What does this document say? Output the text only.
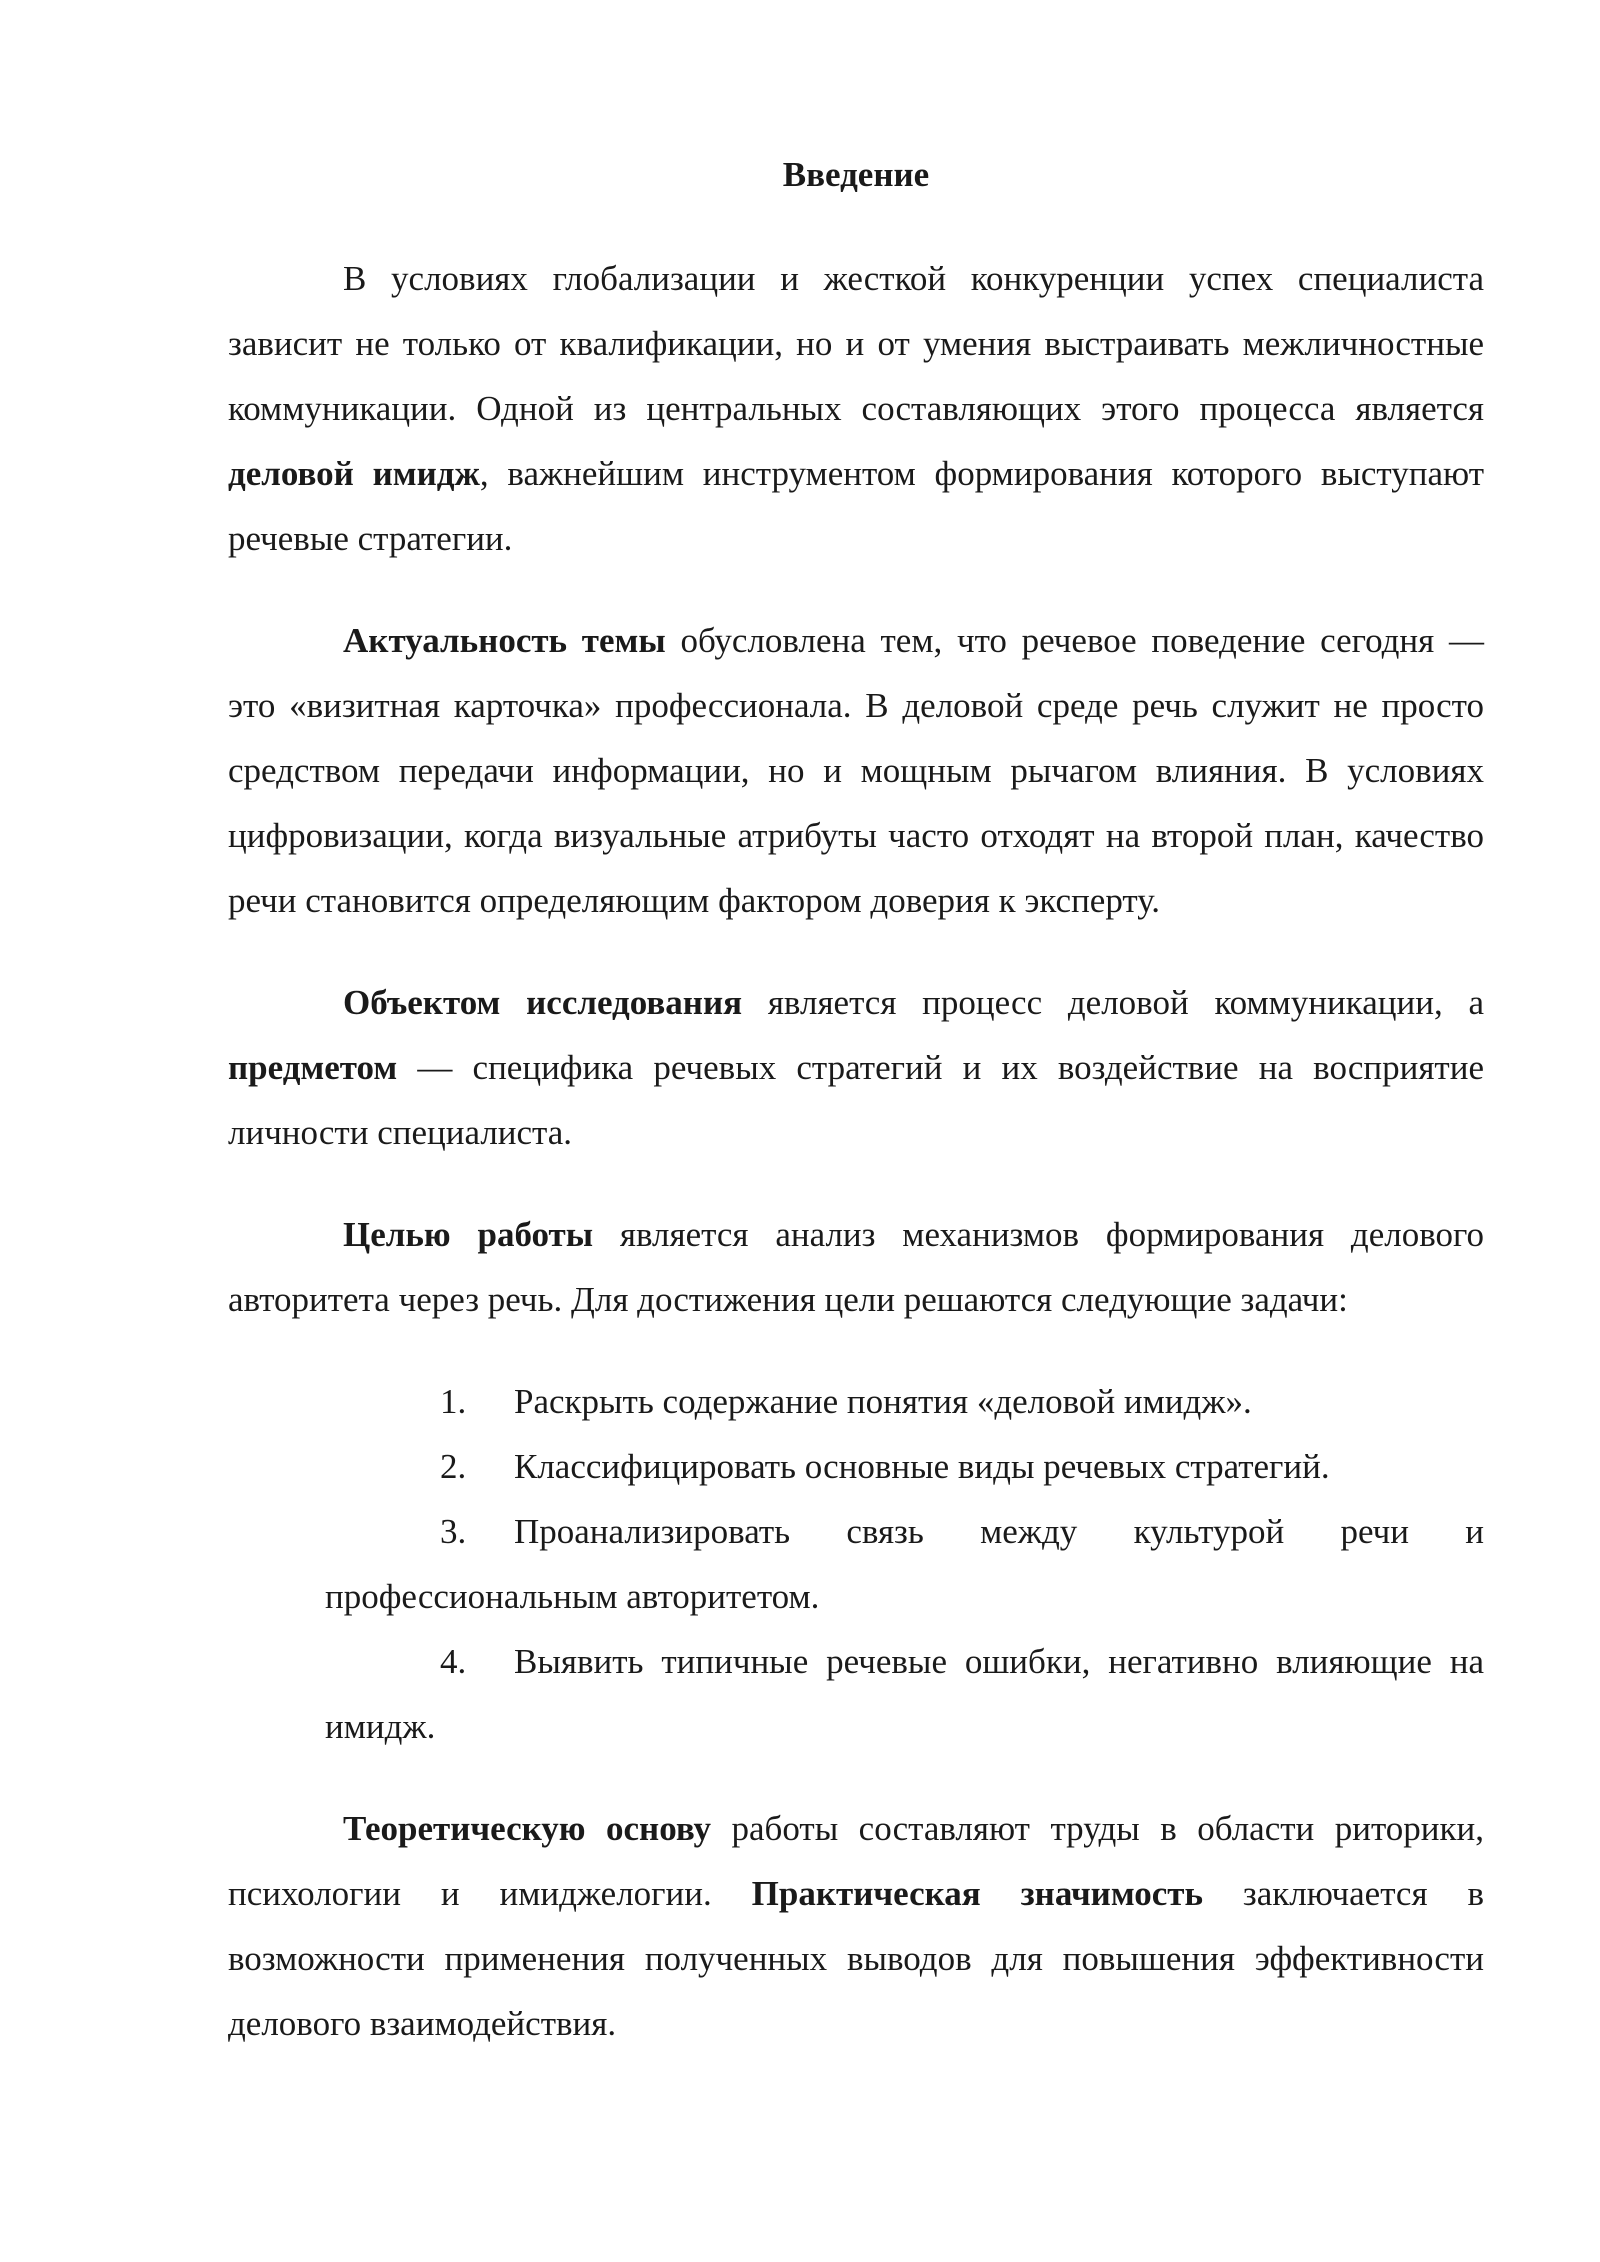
Введение

В условиях глобализации и жесткой конкуренции успех специалиста зависит не только от квалификации, но и от умения выстраивать межличностные коммуникации. Одной из центральных составляющих этого процесса является деловой имидж, важнейшим инструментом формирования которого выступают речевые стратегии.

Актуальность темы обусловлена тем, что речевое поведение сегодня — это «визитная карточка» профессионала. В деловой среде речь служит не просто средством передачи информации, но и мощным рычагом влияния. В условиях цифровизации, когда визуальные атрибуты часто отходят на второй план, качество речи становится определяющим фактором доверия к эксперту.

Объектом исследования является процесс деловой коммуникации, а предметом — специфика речевых стратегий и их воздействие на восприятие личности специалиста.

Целью работы является анализ механизмов формирования делового авторитета через речь. Для достижения цели решаются следующие задачи:

1. Раскрыть содержание понятия «деловой имидж».
2. Классифицировать основные виды речевых стратегий.
3. Проанализировать связь между культурой речи и профессиональным авторитетом.
4. Выявить типичные речевые ошибки, негативно влияющие на имидж.

Теоретическую основу работы составляют труды в области риторики, психологии и имиджелогии. Практическая значимость заключается в возможности применения полученных выводов для повышения эффективности делового взаимодействия.
